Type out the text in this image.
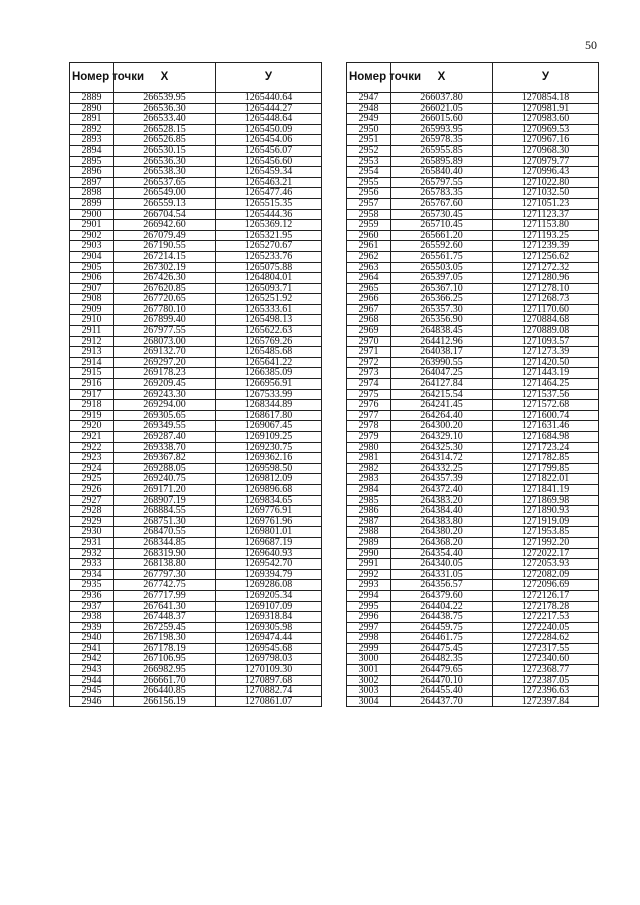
50
Номер точки	X	У
2889	266539.95	1265440.64
2890	266536.30	1265444.27
2891	266533.40	1265448.64
2892	266528.15	1265450.09
2893	266526.85	1265454.06
2894	266530.15	1265456.07
2895	266536.30	1265456.60
2896	266538.30	1265459.34
2897	266537.65	1265463.21
2898	266549.00	1265477.46
2899	266559.13	1265515.35
2900	266704.54	1265444.36
2901	266942.60	1265369.12
2902	267079.49	1265321.95
2903	267190.55	1265270.67
2904	267214.15	1265233.76
2905	267302.19	1265075.88
2906	267426.30	1264804.01
2907	267620.85	1265093.71
2908	267720.65	1265251.92
2909	267780.10	1265333.61
2910	267899.40	1265498.13
2911	267977.55	1265622.63
2912	268073.00	1265769.26
2913	269132.70	1265485.68
2914	269297.20	1265641.22
2915	269178.23	1266385.09
2916	269209.45	1266956.91
2917	269243.30	1267533.99
2918	269294.00	1268344.89
2919	269305.65	1268617.80
2920	269349.55	1269067.45
2921	269287.40	1269109.25
2922	269338.70	1269230.75
2923	269367.82	1269362.16
2924	269288.05	1269598.50
2925	269240.75	1269812.09
2926	269171.20	1269896.68
2927	268907.19	1269834.65
2928	268884.55	1269776.91
2929	268751.30	1269761.96
2930	268470.55	1269801.01
2931	268344.85	1269687.19
2932	268319.90	1269640.93
2933	268138.80	1269542.70
2934	267797.30	1269394.79
2935	267742.75	1269286.08
2936	267717.99	1269205.34
2937	267641.30	1269107.09
2938	267448.37	1269318.84
2939	267259.45	1269305.98
2940	267198.30	1269474.44
2941	267178.19	1269545.68
2942	267106.95	1269798.03
2943	266982.95	1270109.30
2944	266661.70	1270897.68
2945	266440.85	1270882.74
2946	266156.19	1270861.07
Номер точки	X	У
2947	266037.80	1270854.18
2948	266021.05	1270981.91
2949	266015.60	1270983.60
2950	265993.95	1270969.53
2951	265978.35	1270967.16
2952	265955.85	1270968.30
2953	265895.89	1270979.77
2954	265840.40	1270996.43
2955	265797.55	1271022.80
2956	265783.35	1271032.50
2957	265767.60	1271051.23
2958	265730.45	1271123.37
2959	265710.45	1271153.80
2960	265661.20	1271193.25
2961	265592.60	1271239.39
2962	265561.75	1271256.62
2963	265503.05	1271272.32
2964	265397.05	1271280.96
2965	265367.10	1271278.10
2966	265366.25	1271268.73
2967	265357.30	1271170.60
2968	265356.90	1270884.68
2969	264838.45	1270889.08
2970	264412.96	1271093.57
2971	264038.17	1271273.39
2972	263990.55	1271420.50
2973	264047.25	1271443.19
2974	264127.84	1271464.25
2975	264215.54	1271537.56
2976	264241.45	1271572.68
2977	264264.40	1271600.74
2978	264300.20	1271631.46
2979	264329.10	1271684.98
2980	264325.30	1271723.24
2981	264314.72	1271782.85
2982	264332.25	1271799.85
2983	264357.39	1271822.01
2984	264372.40	1271841.19
2985	264383.20	1271869.98
2986	264384.40	1271890.93
2987	264383.80	1271919.09
2988	264380.20	1271953.85
2989	264368.20	1271992.20
2990	264354.40	1272022.17
2991	264340.05	1272053.93
2992	264331.05	1272082.09
2993	264356.57	1272096.69
2994	264379.60	1272126.17
2995	264404.22	1272178.28
2996	264438.75	1272217.53
2997	264459.75	1272240.05
2998	264461.75	1272284.62
2999	264475.45	1272317.55
3000	264482.35	1272340.60
3001	264479.65	1272368.77
3002	264470.10	1272387.05
3003	264455.40	1272396.63
3004	264437.70	1272397.84
